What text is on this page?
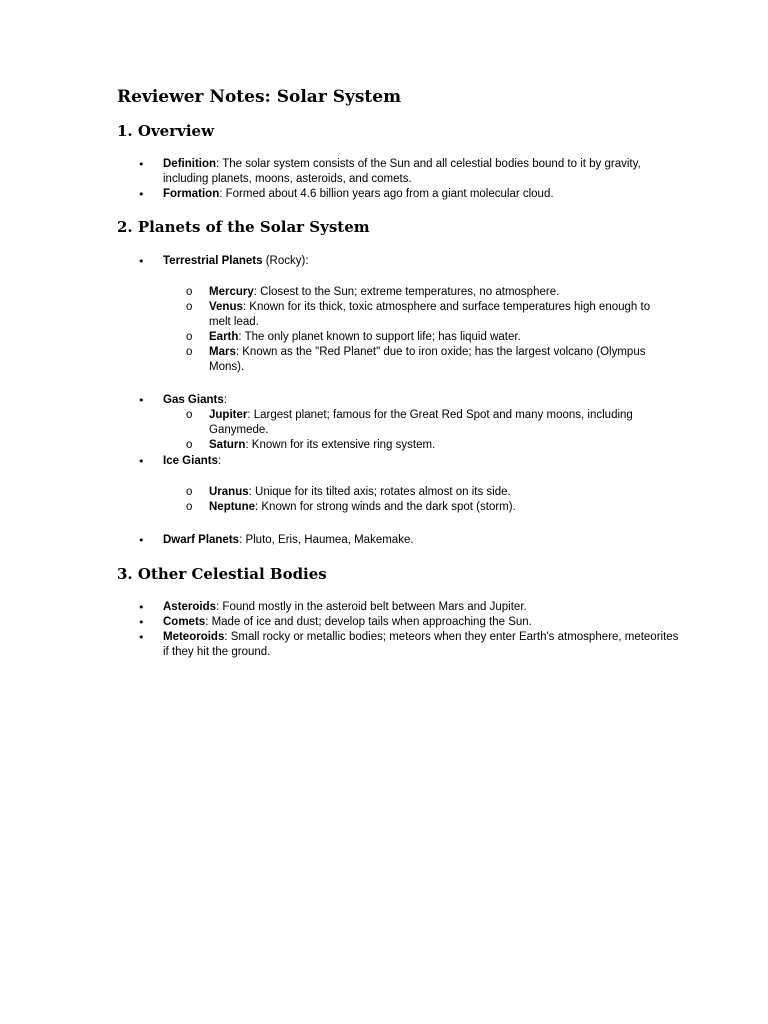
Reviewer Notes: Solar System
1. Overview
• Definition: The solar system consists of the Sun and all celestial bodies bound to it by gravity, including planets, moons, asteroids, and comets.
• Formation: Formed about 4.6 billion years ago from a giant molecular cloud.
2. Planets of the Solar System
• Terrestrial Planets (Rocky):
o Mercury: Closest to the Sun; extreme temperatures, no atmosphere.
o Venus: Known for its thick, toxic atmosphere and surface temperatures high enough to melt lead.
o Earth: The only planet known to support life; has liquid water.
o Mars: Known as the "Red Planet" due to iron oxide; has the largest volcano (Olympus Mons).
• Gas Giants:
o Jupiter: Largest planet; famous for the Great Red Spot and many moons, including Ganymede.
o Saturn: Known for its extensive ring system.
• Ice Giants:
o Uranus: Unique for its tilted axis; rotates almost on its side.
o Neptune: Known for strong winds and the dark spot (storm).
• Dwarf Planets: Pluto, Eris, Haumea, Makemake.
3. Other Celestial Bodies
• Asteroids: Found mostly in the asteroid belt between Mars and Jupiter.
• Comets: Made of ice and dust; develop tails when approaching the Sun.
• Meteoroids: Small rocky or metallic bodies; meteors when they enter Earth's atmosphere, meteorites if they hit the ground.
